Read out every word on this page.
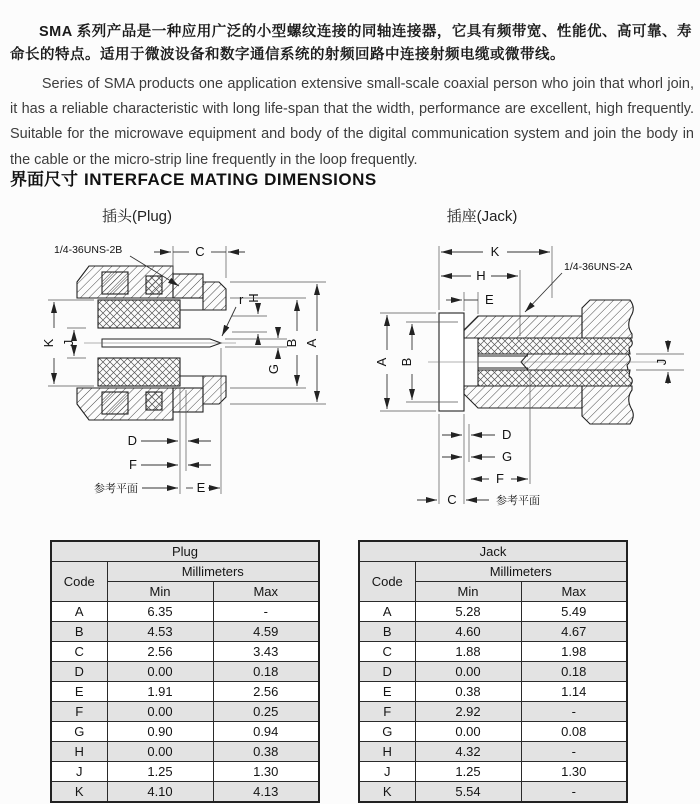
SMA 系列产品是一种应用广泛的小型螺纹连接的同轴连接器，它具有频带宽、性能优、高可靠、寿命长的特点。适用于微波设备和数字通信系统的射频回路中连接射频电缆或微带线。

Series of SMA products one application extensive small-scale coaxial person who join that whorl join, it has a reliable characteristic with long life-span that the width, performance are excellent, high frequently. Suitable for the microwave equipment and body of the digital communication system and join the body in the cable or the micro-strip line frequently in the loop frequently.

界面尺寸 INTERFACE MATING DIMENSIONS
插头(Plug)	插座(Jack)
C
1/4-36UNS-2B
K J
H
G
B A
r
D
F
参考平面	E
K
H
E
1/4-36UNS-2A
A B	J
D
G
F
C	参考平面
Plug		
Code	Millimeters	
	Min	Max
A	6.35	-
B	4.53	4.59
C	2.56	3.43
D	0.00	0.18
E	1.91	2.56
F	0.00	0.25
G	0.90	0.94
H	0.00	0.38
J	1.25	1.30
K	4.10	4.13
Jack		
Code	Millimeters	
	Min	Max
A	5.28	5.49
B	4.60	4.67
C	1.88	1.98
D	0.00	0.18
E	0.38	1.14
F	2.92	-
G	0.00	0.08
H	4.32	-
J	1.25	1.30
K	5.54	-
